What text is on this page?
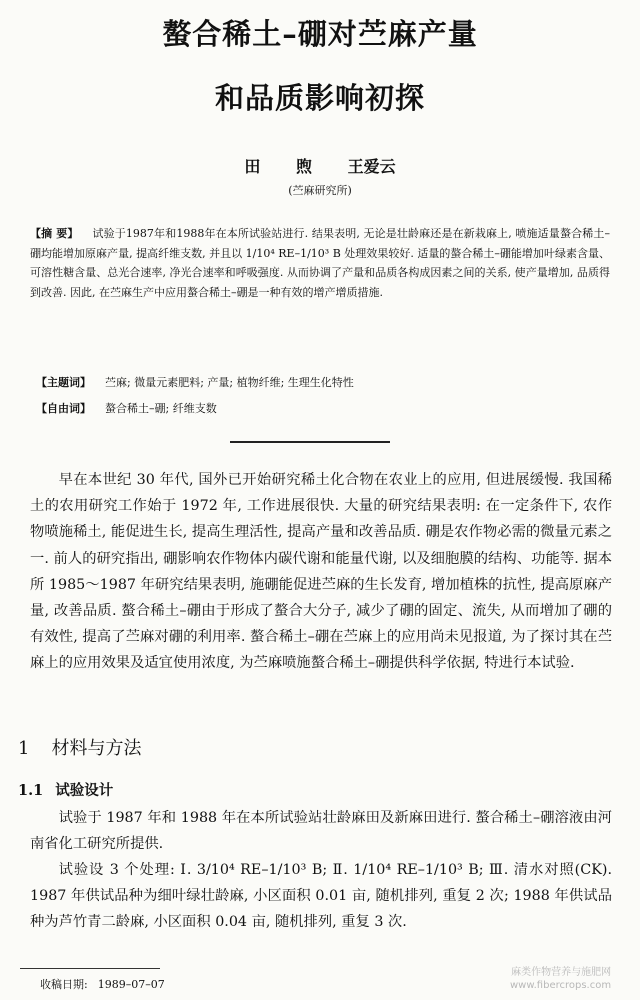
螯合稀土–硼对苎麻产量
和品质影响初探
田 煦 王爱云
(苎麻研究所)
【摘 要】 试验于1987年和1988年在本所试验站进行. 结果表明, 无论是壮龄麻还是在新栽麻上, 喷施适量螯合稀土–硼均能增加原麻产量, 提高纤维支数, 并且以 1/10⁴ RE–1/10³ B 处理效果较好. 适量的螯合稀土–硼能增加叶绿素含量、可溶性糖含量、总光合速率, 净光合速率和呼吸强度. 从而协调了产量和品质各构成因素之间的关系, 使产量增加, 品质得到改善. 因此, 在苎麻生产中应用螯合稀土–硼是一种有效的增产增质措施.
【主题词】 苎麻; 微量元素肥料; 产量; 植物纤维; 生理生化特性
【自由词】 螯合稀土–硼; 纤维支数
早在本世纪 30 年代, 国外已开始研究稀土化合物在农业上的应用, 但进展缓慢. 我国稀土的农用研究工作始于 1972 年, 工作进展很快. 大量的研究结果表明: 在一定条件下, 农作物喷施稀土, 能促进生长, 提高生理活性, 提高产量和改善品质. 硼是农作物必需的微量元素之一. 前人的研究指出, 硼影响农作物体内碳代谢和能量代谢, 以及细胞膜的结构、功能等. 据本所 1985～1987 年研究结果表明, 施硼能促进苎麻的生长发育, 增加植株的抗性, 提高原麻产量, 改善品质. 螯合稀土–硼由于形成了螯合大分子, 减少了硼的固定、流失, 从而增加了硼的有效性, 提高了苎麻对硼的利用率. 螯合稀土–硼在苎麻上的应用尚未见报道, 为了探讨其在苎麻上的应用效果及适宜使用浓度, 为苎麻喷施螯合稀土–硼提供科学依据, 特进行本试验.
1 材料与方法
1.1 试验设计
试验于 1987 年和 1988 年在本所试验站壮龄麻田及新麻田进行. 螯合稀土–硼溶液由河南省化工研究所提供.
试验设 3 个处理: Ⅰ. 3/10⁴ RE–1/10³ B; Ⅱ. 1/10⁴ RE–1/10³ B; Ⅲ. 清水对照(CK). 1987 年供试品种为细叶绿壮龄麻, 小区面积 0.01 亩, 随机排列, 重复 2 次; 1988 年供试品种为芦竹青二龄麻, 小区面积 0.04 亩, 随机排列, 重复 3 次.
收稿日期: 1989–07–07
麻类作物营养与施肥网
www.fibercrops.com
